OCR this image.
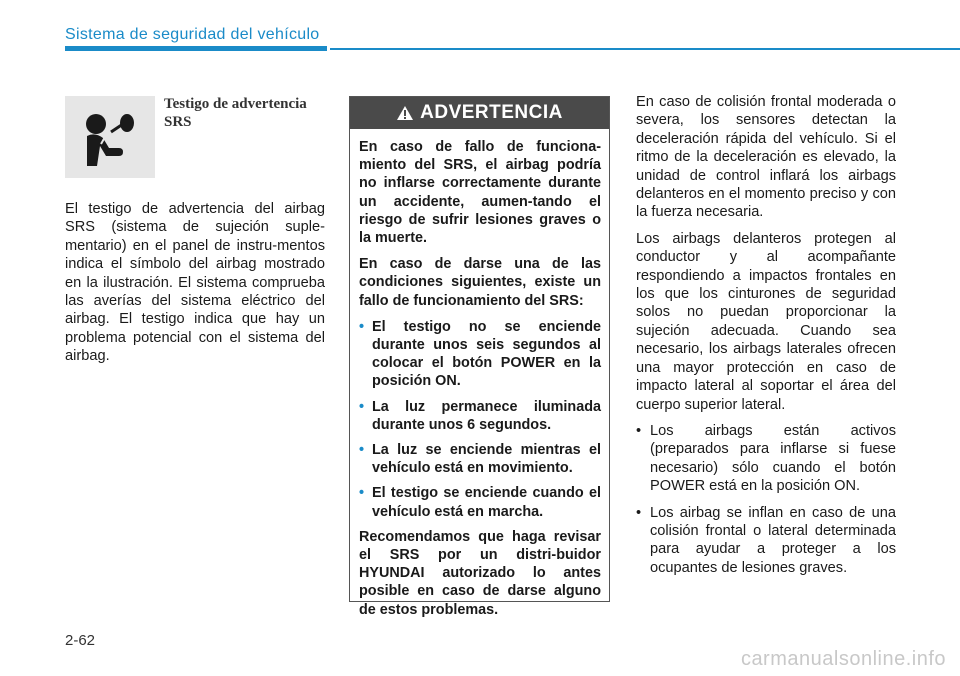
Sistema de seguridad del vehículo
Testigo de advertencia SRS
El testigo de advertencia del airbag SRS (sistema de sujeción suple-mentario) en el panel de instru-mentos indica el símbolo del airbag mostrado en la ilustración. El sistema comprueba las averías del sistema eléctrico del airbag. El testigo indica que hay un problema potencial con el sistema del airbag.
ADVERTENCIA

En caso de fallo de funciona-miento del SRS, el airbag podría no inflarse correctamente durante un accidente, aumen-tando el riesgo de sufrir lesiones graves o la muerte.

En caso de darse una de las condiciones siguientes, existe un fallo de funcionamiento del SRS:

• El testigo no se enciende durante unos seis segundos al colocar el botón POWER en la posición ON.
• La luz permanece iluminada durante unos 6 segundos.
• La luz se enciende mientras el vehículo está en movimiento.
• El testigo se enciende cuando el vehículo está en marcha.

Recomendamos que haga revisar el SRS por un distri-buidor HYUNDAI autorizado lo antes posible en caso de darse alguno de estos problemas.

En caso de colisión frontal moderada o severa, los sensores detectan la deceleración rápida del vehículo. Si el ritmo de la deceleración es elevado, la unidad de control inflará los airbags delanteros en el momento preciso y con la fuerza necesaria.

Los airbags delanteros protegen al conductor y al acompañante respondiendo a impactos frontales en los que los cinturones de seguridad solos no puedan proporcionar la sujeción adecuada. Cuando sea necesario, los airbags laterales ofrecen una mayor protección en caso de impacto lateral al soportar el área del cuerpo superior lateral.

• Los airbags están activos (preparados para inflarse si fuese necesario) sólo cuando el botón POWER está en la posición ON.
• Los airbag se inflan en caso de una colisión frontal o lateral determinada para ayudar a proteger a los ocupantes de lesiones graves.
2-62
carmanualsonline.info
